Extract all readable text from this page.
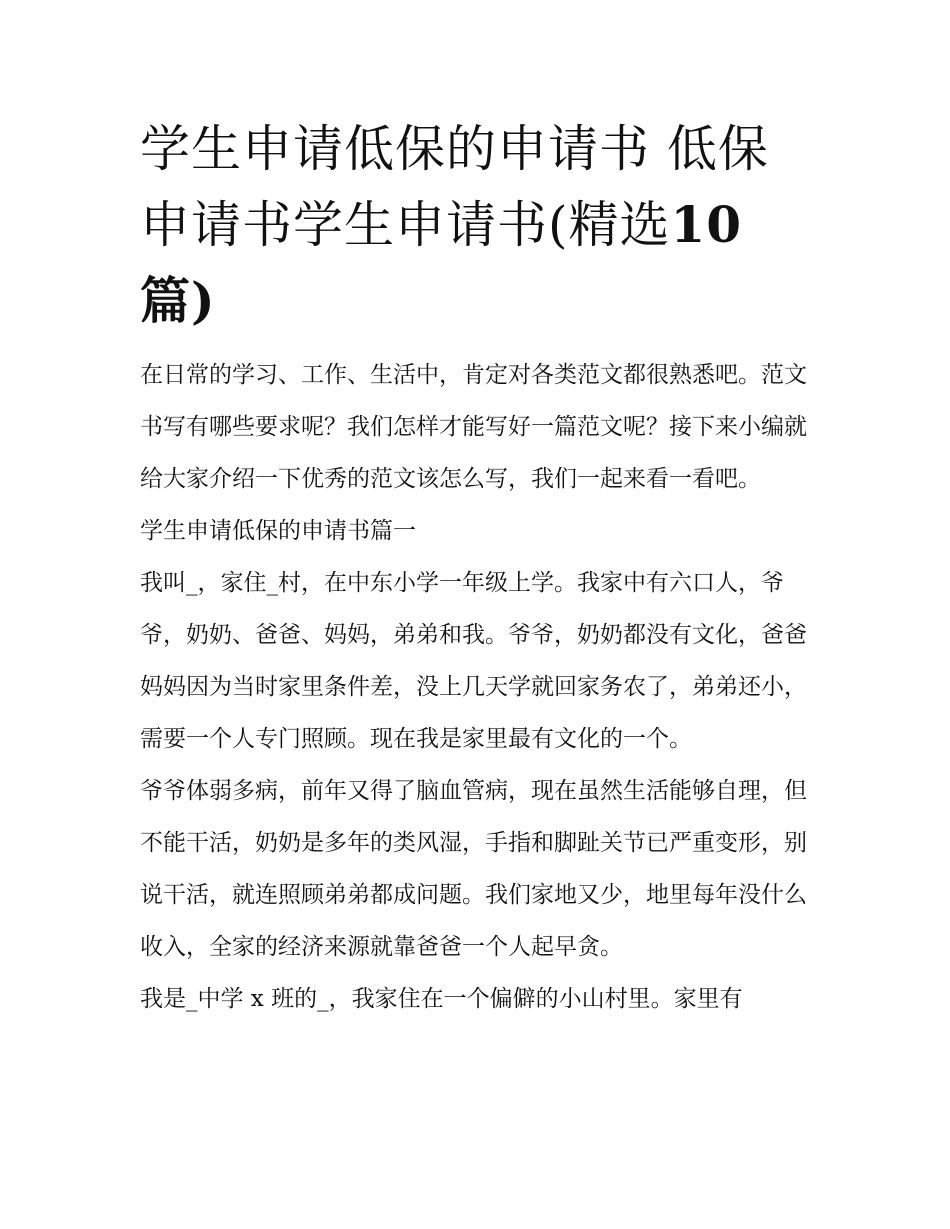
学生申请低保的申请书 低保申请书学生申请书(精选10 篇)

在日常的学习、工作、生活中，肯定对各类范文都很熟悉吧。范文书写有哪些要求呢？我们怎样才能写好一篇范文呢？接下来小编就给大家介绍一下优秀的范文该怎么写，我们一起来看一看吧。

学生申请低保的申请书篇一

我叫_，家住_村，在中东小学一年级上学。我家中有六口人，爷爷，奶奶、爸爸、妈妈，弟弟和我。爷爷，奶奶都没有文化，爸爸妈妈因为当时家里条件差，没上几天学就回家务农了，弟弟还小，需要一个人专门照顾。现在我是家里最有文化的一个。

爷爷体弱多病，前年又得了脑血管病，现在虽然生活能够自理，但不能干活，奶奶是多年的类风湿，手指和脚趾关节已严重变形，别说干活，就连照顾弟弟都成问题。我们家地又少，地里每年没什么收入，全家的经济来源就靠爸爸一个人起早贪。

我是_中学 x 班的_，我家住在一个偏僻的小山村里。家里有
